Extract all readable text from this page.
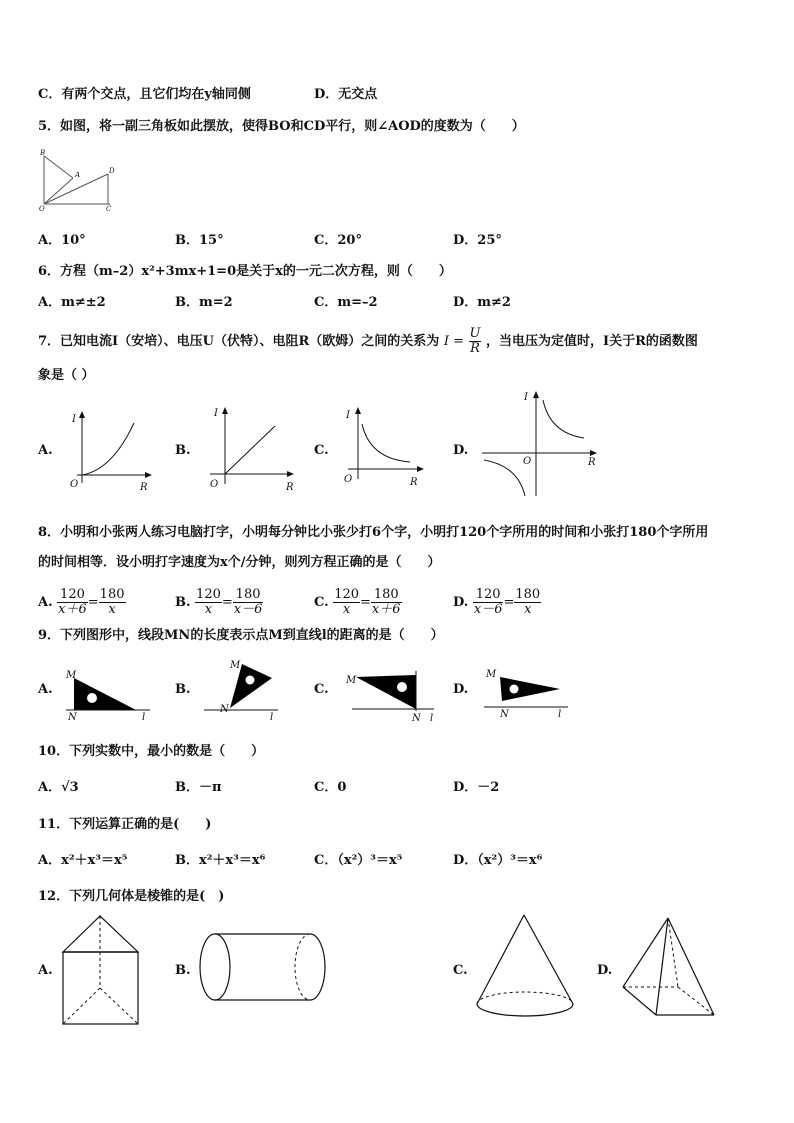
C．有两个交点，且它们均在y轴同侧	D．无交点
5．如图，将一副三角板如此摆放，使得BO和CD平行，则∠AOD的度数为（　　）
B
A	D
O	C
A．10°	B．15°	C．20°	D．25°
6．方程（m–2）x²+3mx+1=0是关于x的一元二次方程，则（　　）
A．m≠±2	B．m=2	C．m=–2	D．m≠2
7．已知电流I（安培）、电压U（伏特）、电阻R（欧姆）之间的关系为 $I = \frac{U}{R}$ ，当电压为定值时，I关于R的函数图
象是（ ）
A.
I
O	R
B.
I
O	R
C.
I
O	R
D.
I
O	R
8．小明和小张两人练习电脑打字，小明每分钟比小张少打6个字，小明打120个字所用的时间和小张打180个字所用
的时间相等．设小明打字速度为x个/分钟，则列方程正确的是（　　）
A. $\frac{120}{x+6} = \frac{180}{x}$	B. $\frac{120}{x} = \frac{180}{x-6}$	C. $\frac{120}{x} = \frac{180}{x+6}$	D. $\frac{120}{x-6} = \frac{180}{x}$
9．下列图形中，线段MN的长度表示点M到直线l的距离的是（　　）
A.
M
N	l
B.
M
N
l
C.
M
N l
D.
M
N	l
10．下列实数中，最小的数是（　　）
A．√3	B．－π	C．0	D．－2
11．下列运算正确的是(　　)
A．x²＋x³＝x⁵	B．x²＋x³＝x⁶	C．（x²）³＝x⁵	D．（x²）³＝x⁶
12．下列几何体是棱锥的是(　)
A.	B.	C.	D.
